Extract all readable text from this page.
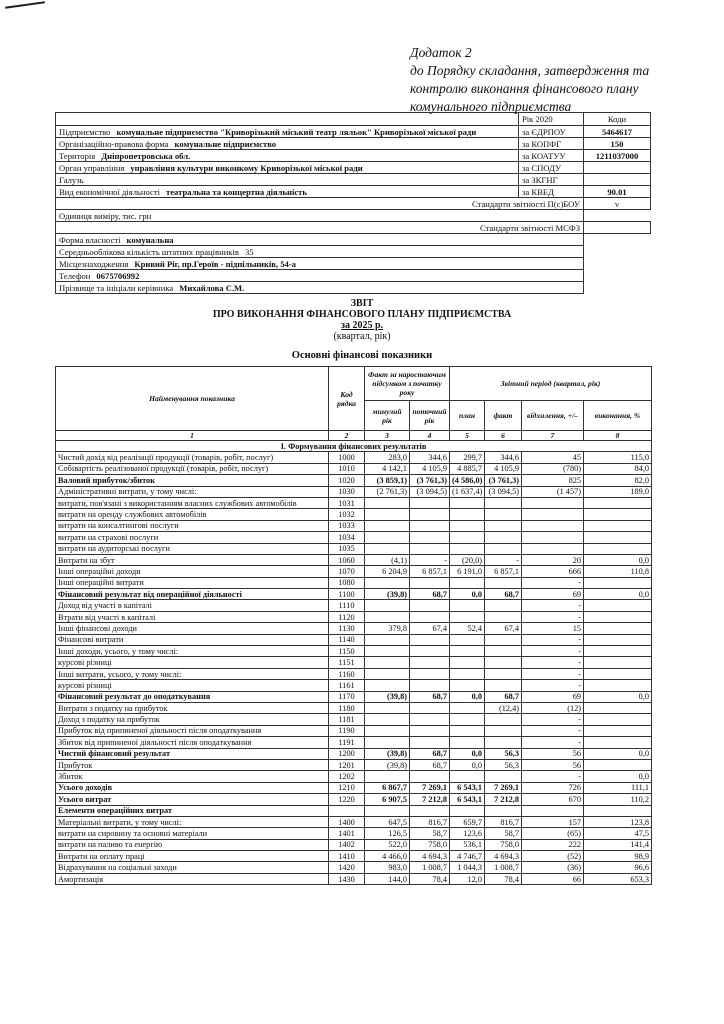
Додаток 2
до Порядку складання, затвердження та
контролю виконання фінансового плану
комунального підприємства
	Рік 2020	Коди
Підприємство комунальне підприємство "Криворізький міський театр ляльок" Криворізької міської ради	за ЄДРПОУ	5464617
Організаційно-правова форма комунальне підприємство	за КОПФГ	150
Територія Дніпропетровська обл.	за КОАТУУ	1211037000
Орган управління управління культури виконкому Криворізької міської ради	за СПОДУ	
Галузь	за ЗКГНГ	
Вид економічної діяльності театральна та концертна діяльність	за КВЕД	90.01
Стандарти звітності П(с)БОУ		v
Одиниця виміру, тис. грн		
Стандарти звітності МСФЗ		
Форма власності комунальна		
Середньооблікова кількість штатних працівників 35		
Місцезнаходження Кривий Ріг, пр.Героїв - підпільників, 54-а		
Телефон 0675706992		
Прізвище та ініціали керівника Михайлова С.М.		
ЗВІТ
ПРО ВИКОНАННЯ ФІНАНСОВОГО ПЛАНУ ПІДПРИЄМСТВА
за 2025 р.
(квартал, рік)
Основні фінансові показники
Найменування показника	Код рядка	Факт за наростаючим підсумком з початку року		Звітний період (квартал, рік)			
		минулий рік	поточний рік	план	факт	відхилення, +/–	виконання, %
1	2	3	4	5	6	7	8
І. Формування фінансових результатів							
Чистий дохід від реалізації продукції (товарів, робіт, послуг)	1000	283,0	344,6	299,7	344,6	45	115,0
Собівартість реалізованої продукції (товарів, робіт, послуг)	1010	4 142,1	4 105,9	4 885,7	4 105,9	(780)	84,0
Валовий прибуток/збиток	1020	(3 859,1)	(3 761,3)	(4 586,0)	(3 761,3)	825	82,0
Адміністративні витрати, у тому числі:	1030	(2 761,3)	(3 094,5)	(1 637,4)	(3 094,5)	(1 457)	189,0
витрати, пов'язані з використанням власних службових автомобілів	1031						
витрати на оренду службових автомобілів	1032						
витрати на консалтингові послуги	1033						
витрати на страхові послуги	1034						
витрати на аудиторські послуги	1035						
Витрати на збут	1060	(4,1)	-	(20,0)	-	20	0,0
Інші операційні доходи	1070	6 204,9	6 857,1	6 191,0	6 857,1	666	110,8
Інші операційні витрати	1080					-	
Фінансовий результат від операційної діяльності	1100	(39,8)	68,7	0,0	68,7	69	0,0
Доход від участі в капіталі	1110					-	
Втрати від участі в капіталі	1120					-	
Інші фінансові доходи	1130	379,8	67,4	52,4	67,4	15	
Фінансові витрати	1140					-	
Інші доходи, усього, у тому числі:	1150					-	
курсові різниці	1151					-	
Інші витрати, усього, у тому числі:	1160					-	
курсові різниці	1161					-	
Фінансовий результат до оподаткування	1170	(39,8)	68,7	0,0	68,7	69	0,0
Витрати з податку на прибуток	1180				(12,4)	(12)	
Доход з податку на прибуток	1181					-	
Прибуток від припиненої діяльності після оподаткування	1190					-	
Збиток від припиненої діяльності після оподаткування	1191					-	
Чистий фінансовий результат	1200	(39,8)	68,7	0,0	56,3	56	0,0
Прибуток	1201	(39,8)	68,7	0,0	56,3	56	
Збиток	1202					-	0,0
Усього доходів	1210	6 867,7	7 269,1	6 543,1	7 269,1	726	111,1
Усього витрат	1220	6 907,5	7 212,8	6 543,1	7 212,8	670	110,2
Елементи операційних витрат							
Матеріальні витрати, у тому числі:	1400	647,5	816,7	659,7	816,7	157	123,8
витрати на сировину та основні матеріали	1401	126,5	58,7	123,6	58,7	(65)	47,5
витрати на паливо та енергію	1402	522,0	758,0	536,1	758,0	222	141,4
Витрати на оплату праці	1410	4 466,0	4 694,3	4 746,7	4 694,3	(52)	98,9
Відрахування на соціальні заходи	1420	983,0	1 008,7	1 044,3	1 008,7	(36)	96,6
Амортизація	1430	144,0	78,4	12,0	78,4	66	653,3
